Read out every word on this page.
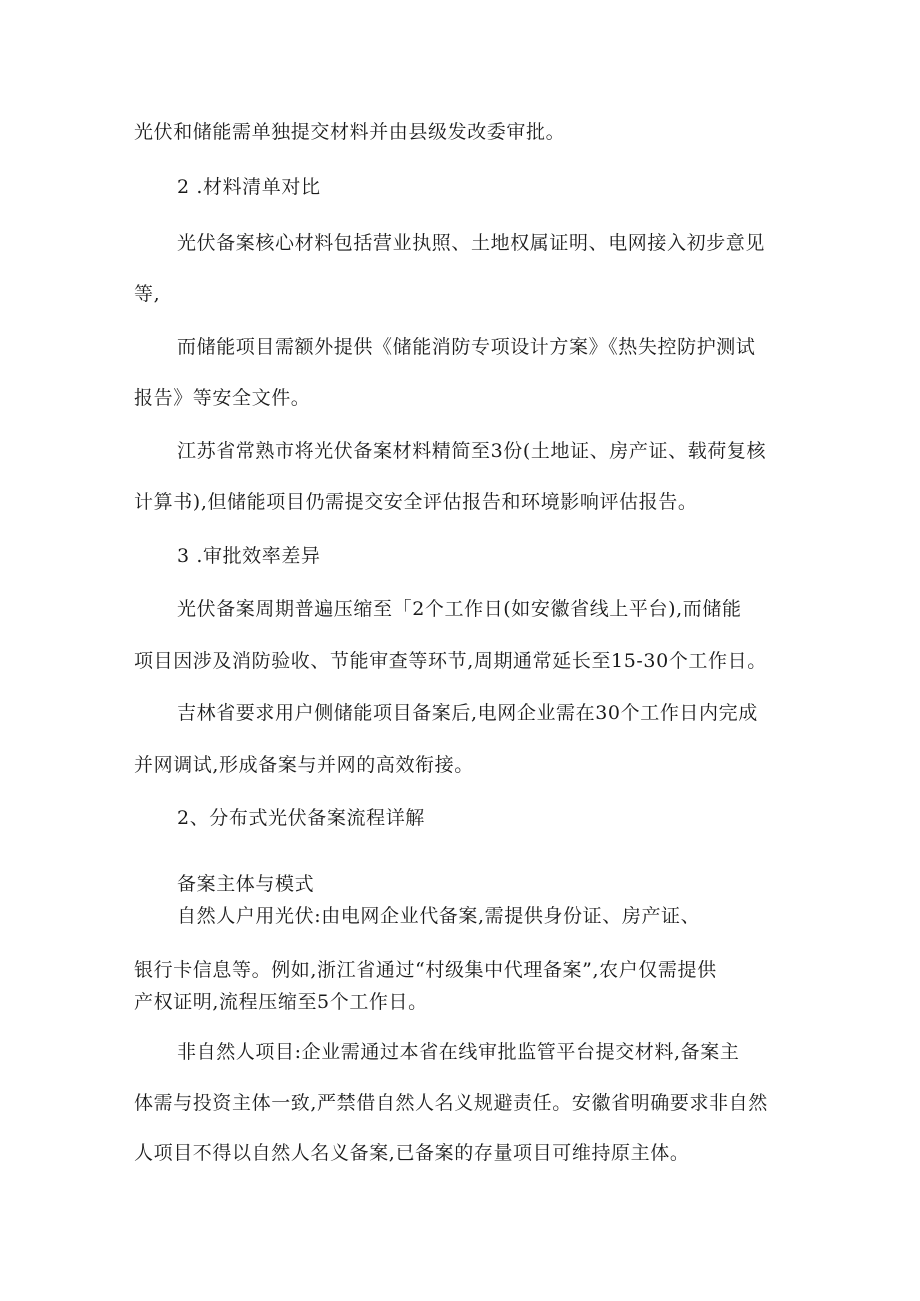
光伏和储能需单独提交材料并由县级发改委审批。
2 .材料清单对比
光伏备案核心材料包括营业执照、土地权属证明、电网接入初步意见
等,
而储能项目需额外提供《储能消防专项设计方案》《热失控防护测试
报告》等安全文件。
江苏省常熟市将光伏备案材料精简至3份(土地证、房产证、载荷复核
计算书),但储能项目仍需提交安全评估报告和环境影响评估报告。
3 .审批效率差异
光伏备案周期普遍压缩至「2个工作日(如安徽省线上平台),而储能
项目因涉及消防验收、节能审查等环节,周期通常延长至15-30个工作日。
吉林省要求用户侧储能项目备案后,电网企业需在30个工作日内完成
并网调试,形成备案与并网的高效衔接。
2、分布式光伏备案流程详解
备案主体与模式
自然人户用光伏:由电网企业代备案,需提供身份证、房产证、
银行卡信息等。例如,浙江省通过“村级集中代理备案”,农户仅需提供
产权证明,流程压缩至5个工作日。
非自然人项目:企业需通过本省在线审批监管平台提交材料,备案主
体需与投资主体一致,严禁借自然人名义规避责任。安徽省明确要求非自然
人项目不得以自然人名义备案,已备案的存量项目可维持原主体。
